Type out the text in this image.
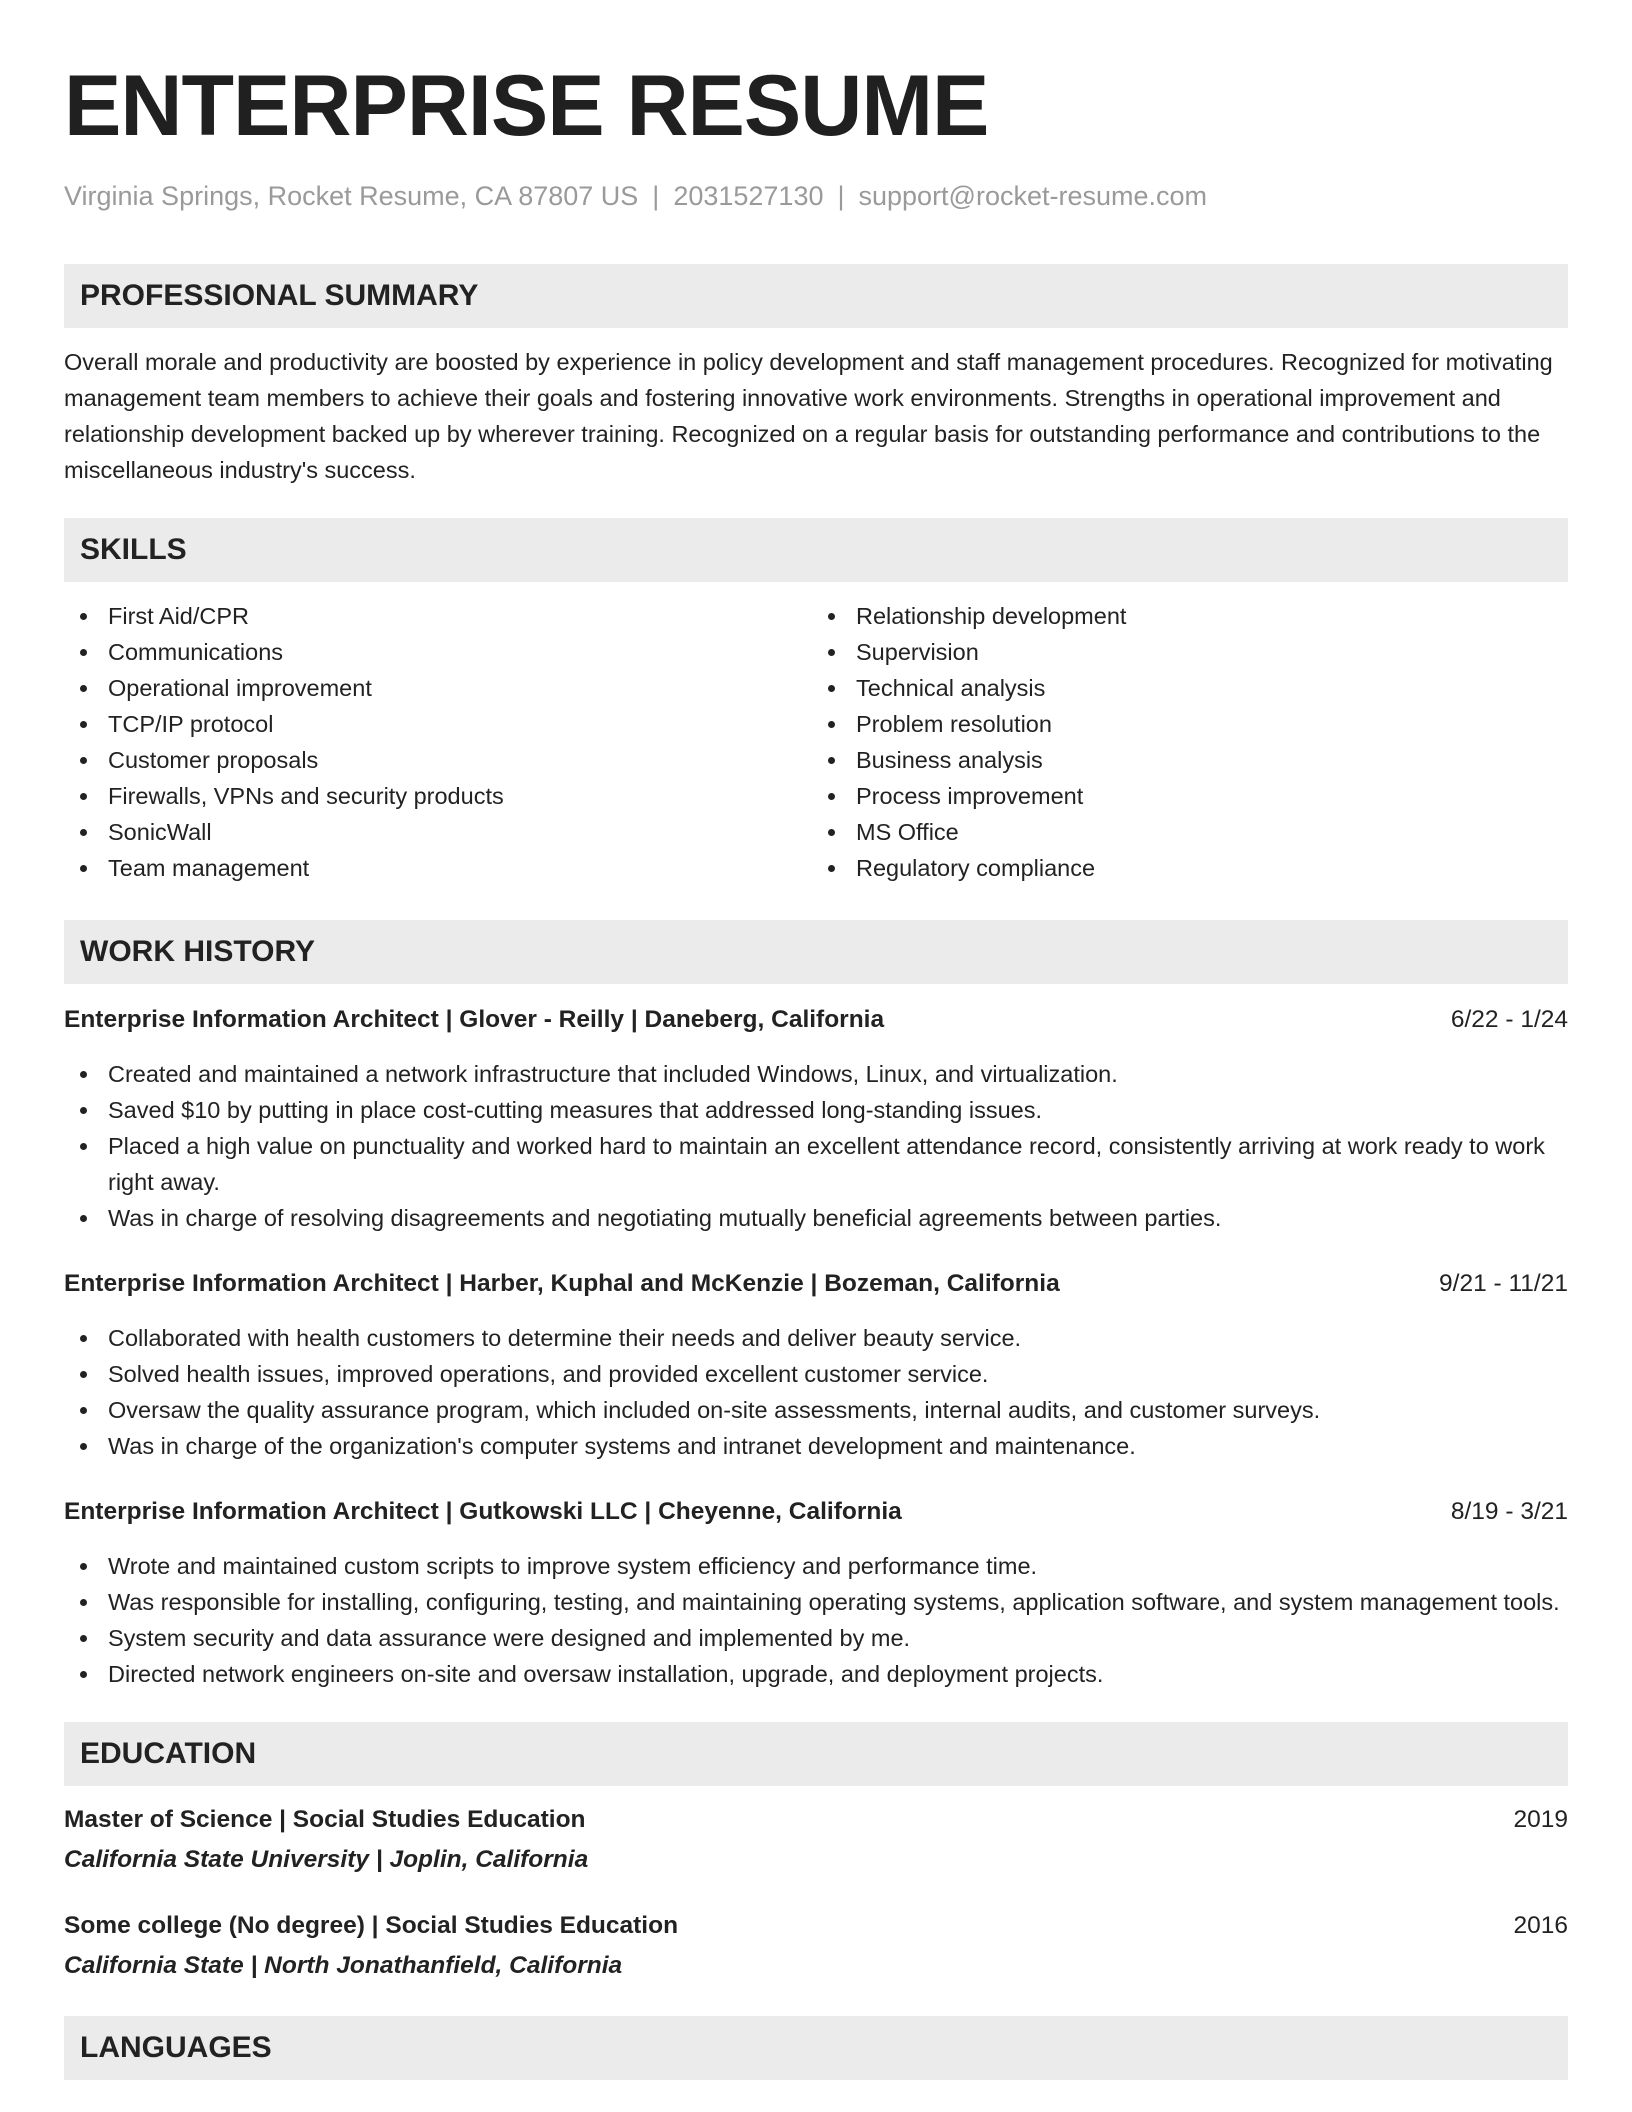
ENTERPRISE RESUME
Virginia Springs, Rocket Resume, CA 87807 US | 2031527130 | support@rocket-resume.com
PROFESSIONAL SUMMARY

Overall morale and productivity are boosted by experience in policy development and staff management procedures. Recognized for motivating management team members to achieve their goals and fostering innovative work environments. Strengths in operational improvement and relationship development backed up by wherever training. Recognized on a regular basis for outstanding performance and contributions to the miscellaneous industry's success.

SKILLS
First Aid/CPR
Communications
Operational improvement
TCP/IP protocol
Customer proposals
Firewalls, VPNs and security products
SonicWall
Team management
Relationship development
Supervision
Technical analysis
Problem resolution
Business analysis
Process improvement
MS Office
Regulatory compliance
WORK HISTORY
Enterprise Information Architect | Glover - Reilly | Daneberg, California	6/22 - 1/24
Created and maintained a network infrastructure that included Windows, Linux, and virtualization.
Saved $10 by putting in place cost-cutting measures that addressed long-standing issues.
Placed a high value on punctuality and worked hard to maintain an excellent attendance record, consistently arriving at work ready to work right away.
Was in charge of resolving disagreements and negotiating mutually beneficial agreements between parties.
Enterprise Information Architect | Harber, Kuphal and McKenzie | Bozeman, California	9/21 - 11/21
Collaborated with health customers to determine their needs and deliver beauty service.
Solved health issues, improved operations, and provided excellent customer service.
Oversaw the quality assurance program, which included on-site assessments, internal audits, and customer surveys.
Was in charge of the organization's computer systems and intranet development and maintenance.
Enterprise Information Architect | Gutkowski LLC | Cheyenne, California	8/19 - 3/21
Wrote and maintained custom scripts to improve system efficiency and performance time.
Was responsible for installing, configuring, testing, and maintaining operating systems, application software, and system management tools.
System security and data assurance were designed and implemented by me.
Directed network engineers on-site and oversaw installation, upgrade, and deployment projects.
EDUCATION
Master of Science | Social Studies Education	2019
California State University | Joplin, California
Some college (No degree) | Social Studies Education	2016
California State | North Jonathanfield, California
LANGUAGES
